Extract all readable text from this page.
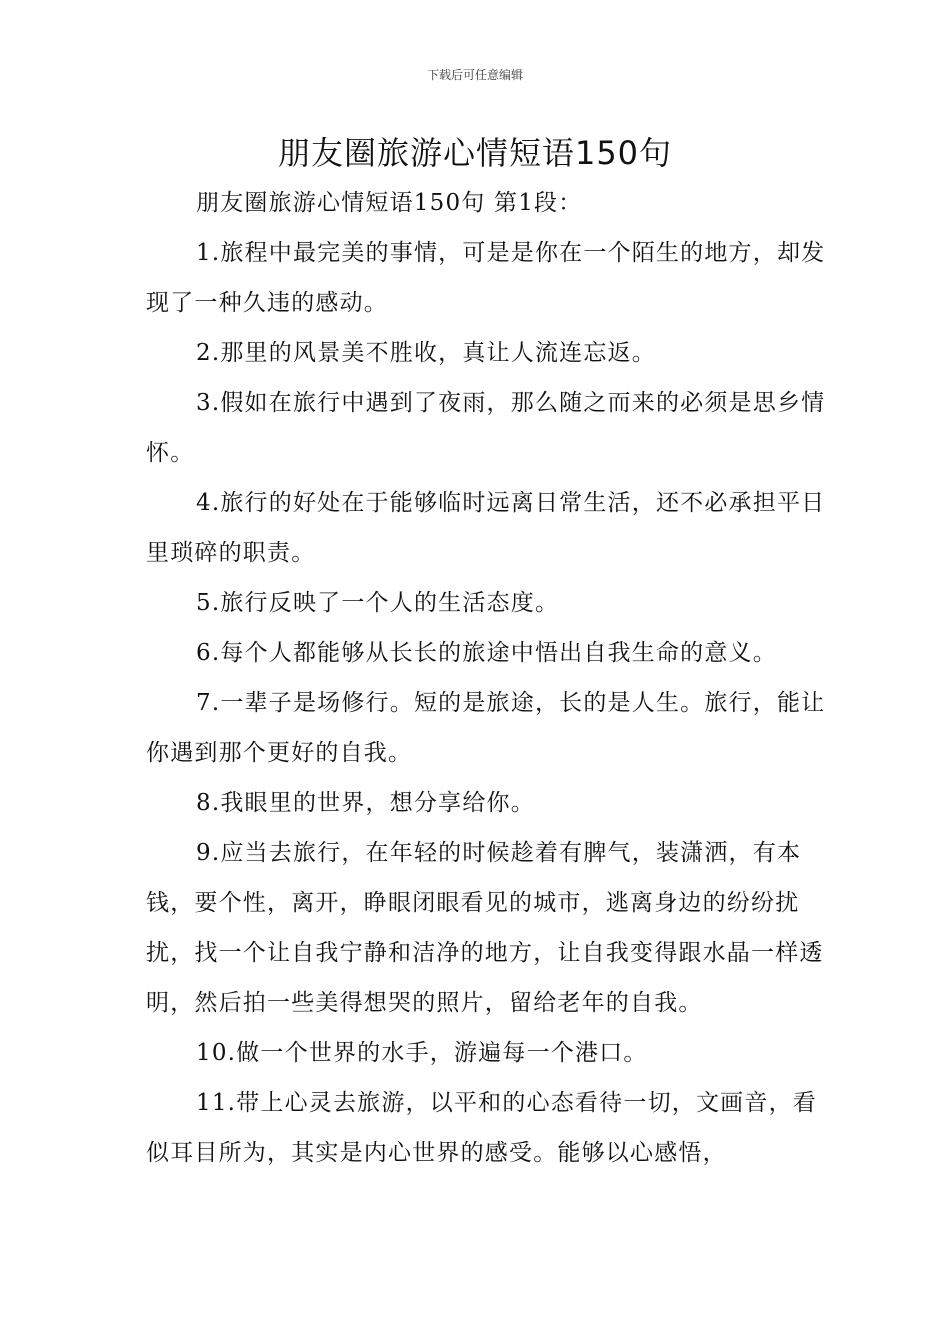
下载后可任意编辑
朋友圈旅游心情短语150句

朋友圈旅游心情短语150句 第1段：

1.旅程中最完美的事情，可是是你在一个陌生的地方，却发现了一种久违的感动。

2.那里的风景美不胜收，真让人流连忘返。

3.假如在旅行中遇到了夜雨，那么随之而来的必须是思乡情怀。

4.旅行的好处在于能够临时远离日常生活，还不必承担平日里琐碎的职责。

5.旅行反映了一个人的生活态度。

6.每个人都能够从长长的旅途中悟出自我生命的意义。

7.一辈子是场修行。短的是旅途，长的是人生。旅行，能让你遇到那个更好的自我。

8.我眼里的世界，想分享给你。

9.应当去旅行，在年轻的时候趁着有脾气，装潇洒，有本钱，要个性，离开，睁眼闭眼看见的城市，逃离身边的纷纷扰扰，找一个让自我宁静和洁净的地方，让自我变得跟水晶一样透明，然后拍一些美得想哭的照片，留给老年的自我。

10.做一个世界的水手，游遍每一个港口。

11.带上心灵去旅游，以平和的心态看待一切，文画音，看似耳目所为，其实是内心世界的感受。能够以心感悟，
